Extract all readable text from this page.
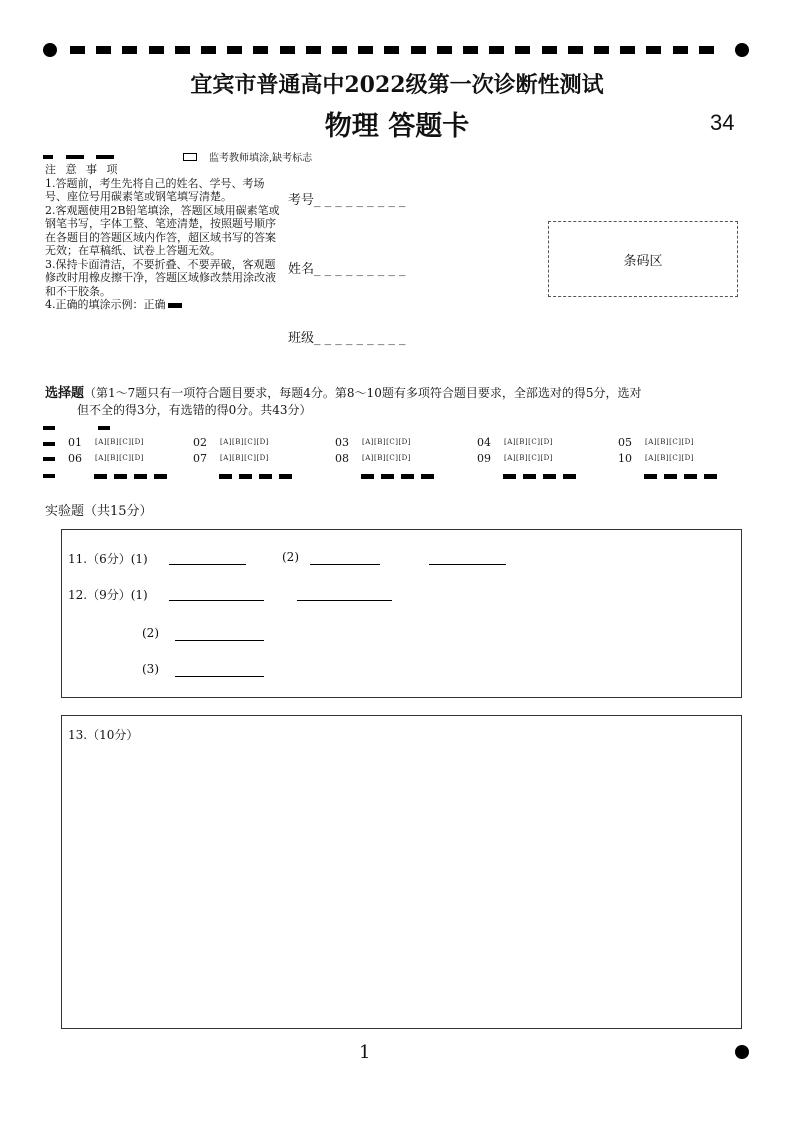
宜宾市普通高中2022级第一次诊断性测试
物理 答题卡	34
监考教师填涂,缺考标志
注 意 事 项
1.答题前，考生先将自己的姓名、学号、考场号、座位号用碳素笔或钢笔填写清楚。
2.客观题使用2B铅笔填涂，答题区域用碳素笔或钢笔书写，字体工整、笔迹清楚，按照题号顺序在各题目的答题区域内作答，超区域书写的答案无效；在草稿纸、试卷上答题无效。
3.保持卡面清洁，不要折叠、不要弄破，客观题修改时用橡皮擦干净，答题区域修改禁用涂改液和不干胶条。
4.正确的填涂示例：正确
考号_ _ _ _ _ _ _ _ _
姓名_ _ _ _ _ _ _ _ _
班级_ _ _ _ _ _ _ _ _
条码区
选择题（第1～7题只有一项符合题目要求，每题4分。第8～10题有多项符合题目要求，全部选对的得5分，选对
但不全的得3分，有选错的得0分。共43分）
01 [A][B][C][D]	02 [A][B][C][D]	03 [A][B][C][D]	04 [A][B][C][D]	05 [A][B][C][D]
06 [A][B][C][D]	07 [A][B][C][D]	08 [A][B][C][D]	09 [A][B][C][D]	10 [A][B][C][D]
实验题（共15分）
11.（6分）(1)	(2)
12.（9分）(1)
(2)
(3)
13.（10分）
1
